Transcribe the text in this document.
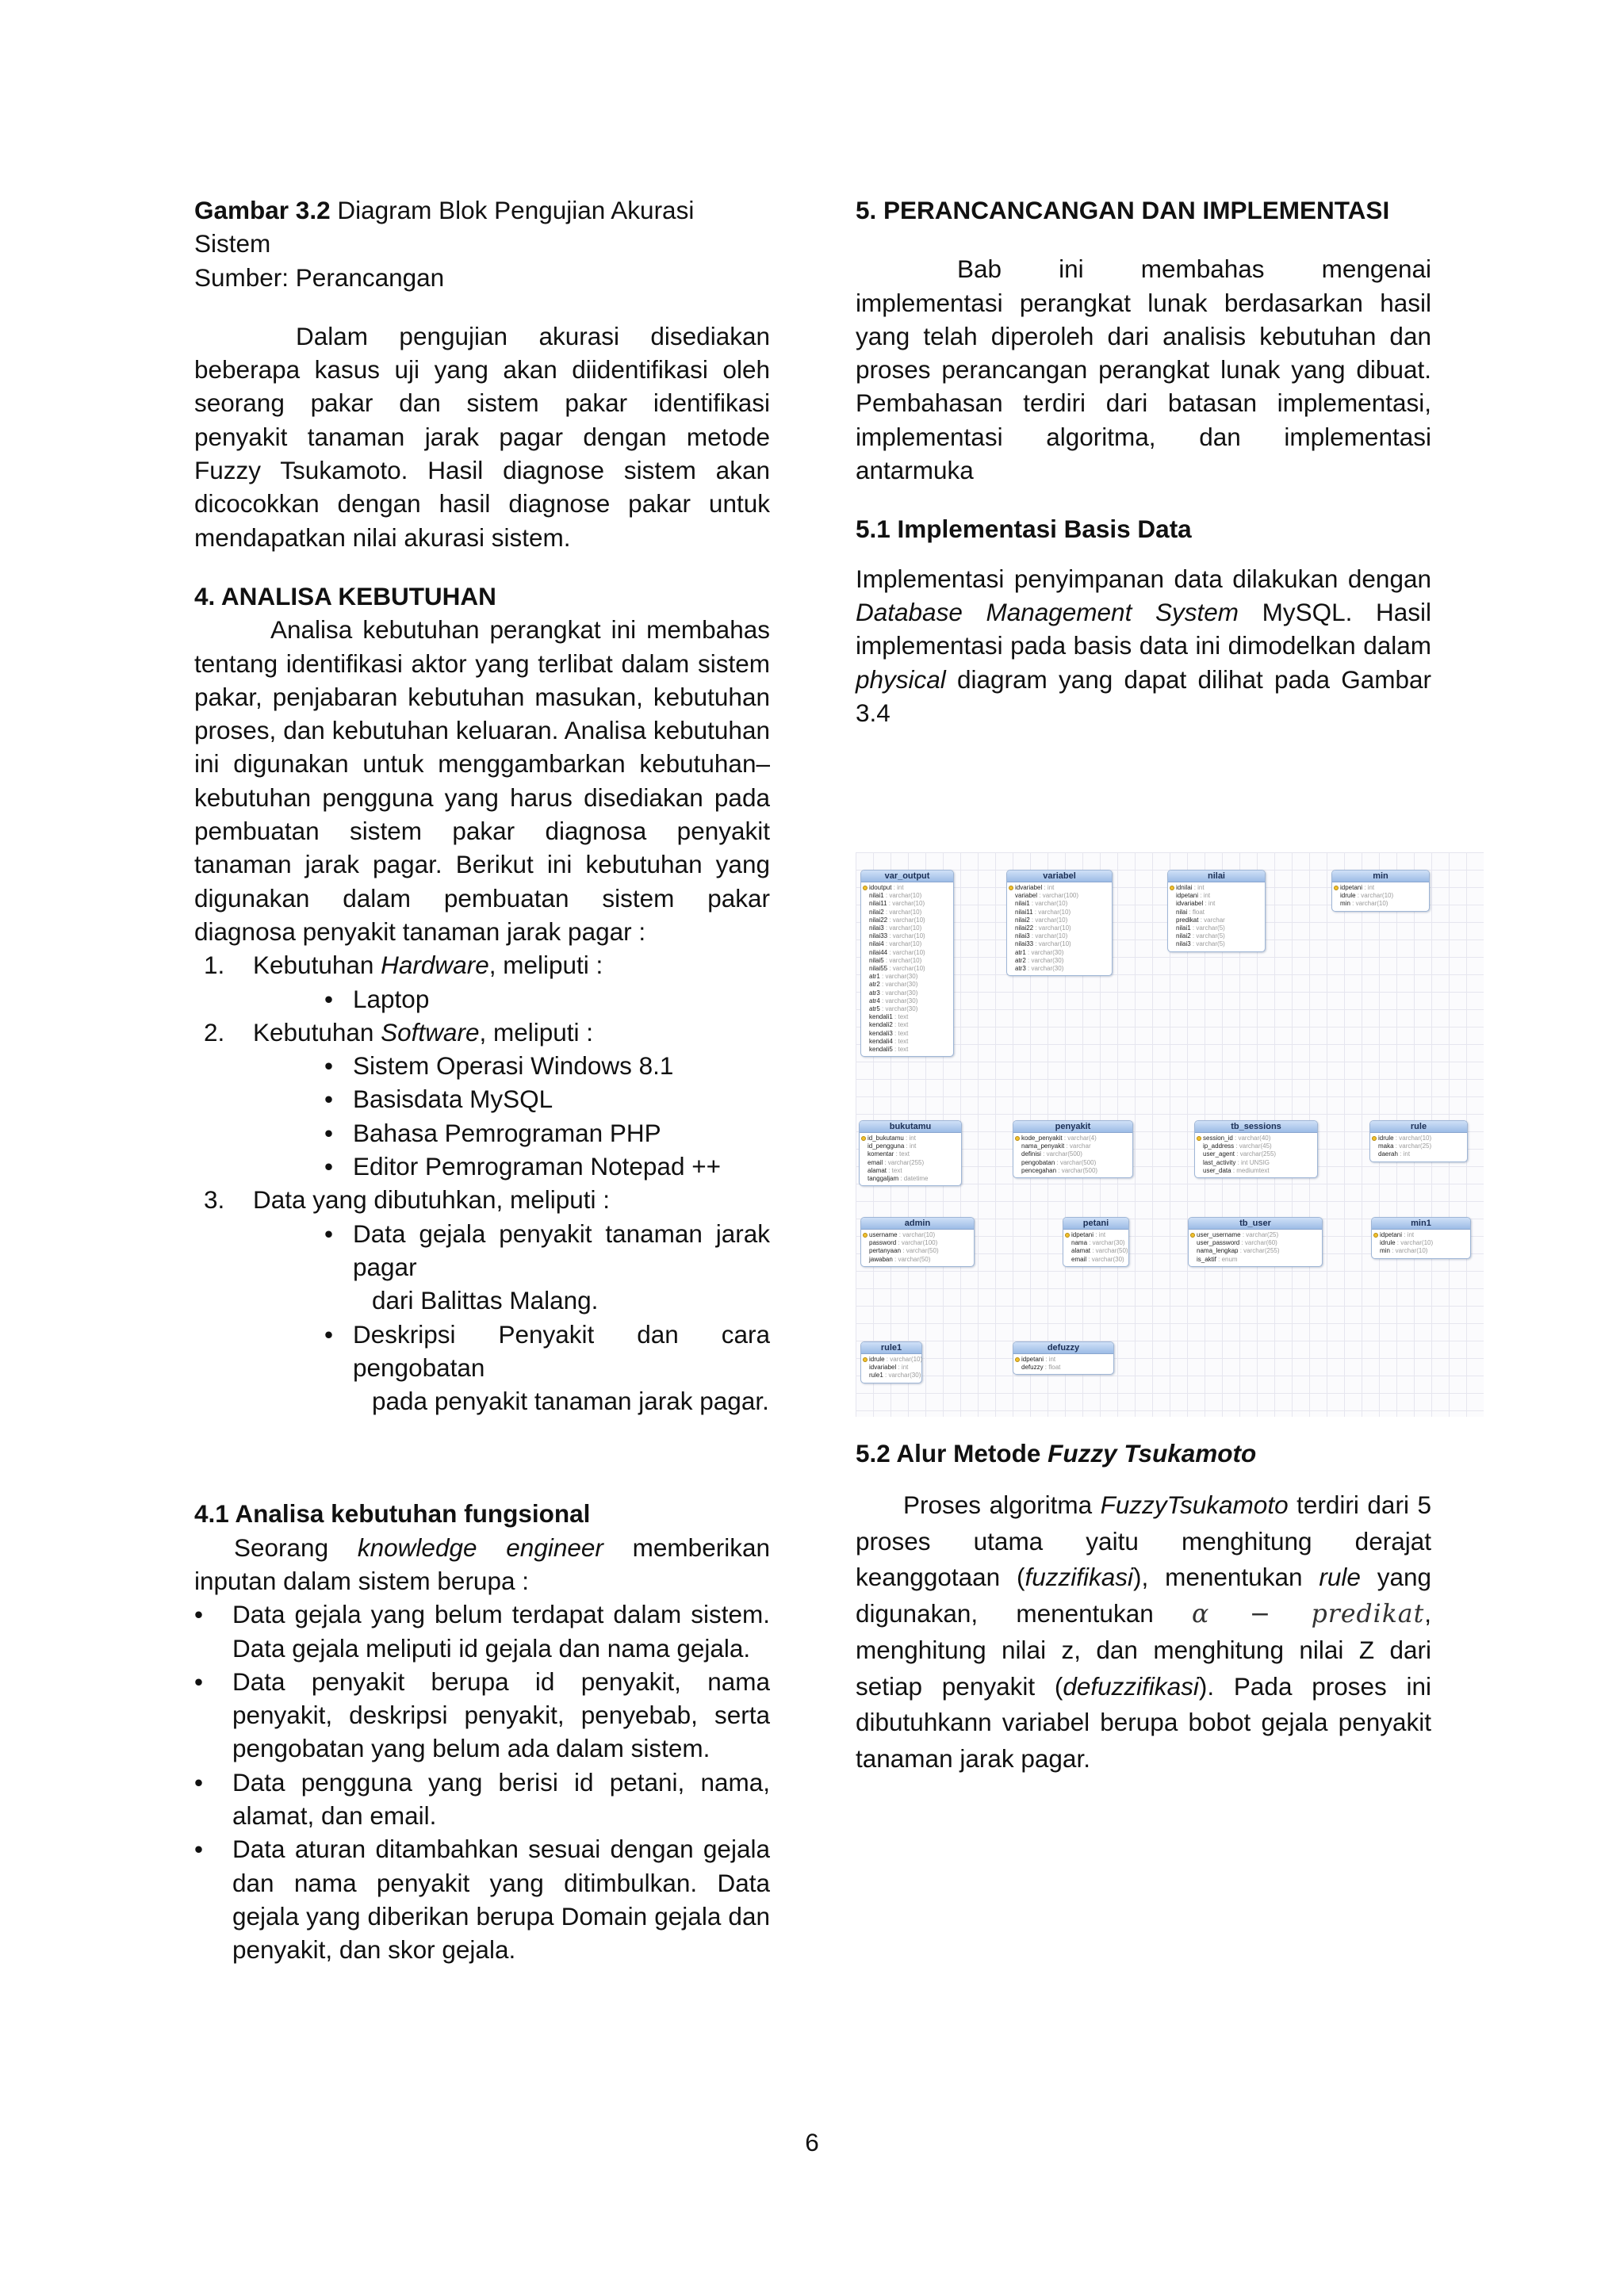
Gambar 3.2 Diagram Blok Pengujian Akurasi Sistem

Sumber: Perancangan

Dalam pengujian akurasi disediakan beberapa kasus uji yang akan diidentifikasi oleh seorang pakar dan sistem pakar identifikasi penyakit tanaman jarak pagar dengan metode Fuzzy Tsukamoto. Hasil diagnose sistem akan dicocokkan dengan hasil diagnose pakar untuk mendapatkan nilai akurasi sistem.

4. ANALISA KEBUTUHAN

Analisa kebutuhan perangkat ini membahas tentang identifikasi aktor yang terlibat dalam sistem pakar, penjabaran kebutuhan masukan, kebutuhan proses, dan kebutuhan keluaran. Analisa kebutuhan ini digunakan untuk menggambarkan kebutuhan–kebutuhan pengguna yang harus disediakan pada pembuatan sistem pakar diagnosa penyakit tanaman jarak pagar. Berikut ini kebutuhan yang digunakan dalam pembuatan sistem pakar diagnosa penyakit tanaman jarak pagar :

1. Kebutuhan Hardware, meliputi :
• Laptop
2. Kebutuhan Software, meliputi :
• Sistem Operasi Windows 8.1
• Basisdata MySQL
• Bahasa Pemrograman PHP
• Editor Pemrograman Notepad ++
3. Data yang dibutuhkan, meliputi :
• Data gejala penyakit tanaman jarak pagar
dari Balittas Malang.
• Deskripsi Penyakit dan cara pengobatan
pada penyakit tanaman jarak pagar.

4.1 Analisa kebutuhan fungsional

Seorang knowledge engineer memberikan inputan dalam sistem berupa :

• Data gejala yang belum terdapat dalam sistem. Data gejala meliputi id gejala dan nama gejala.
• Data penyakit berupa id penyakit, nama penyakit, deskripsi penyakit, penyebab, serta pengobatan yang belum ada dalam sistem.
• Data pengguna yang berisi id petani, nama, alamat, dan email.
• Data aturan ditambahkan sesuai dengan gejala dan nama penyakit yang ditimbulkan. Data gejala yang diberikan berupa Domain gejala dan penyakit, dan skor gejala.

5. PERANCANCANGAN DAN IMPLEMENTASI

Bab ini membahas mengenai implementasi perangkat lunak berdasarkan hasil yang telah diperoleh dari analisis kebutuhan dan proses perancangan perangkat lunak yang dibuat. Pembahasan terdiri dari batasan implementasi, implementasi algoritma, dan implementasi antarmuka

5.1 Implementasi Basis Data

Implementasi penyimpanan data dilakukan dengan Database Management System MySQL. Hasil implementasi pada basis data ini dimodelkan dalam physical diagram yang dapat dilihat pada Gambar 3.4

var_output
idoutput : int
nilai1 : varchar(10)
nilai11 : varchar(10)
nilai2 : varchar(10)
nilai22 : varchar(10)
nilai3 : varchar(10)
nilai33 : varchar(10)
nilai4 : varchar(10)
nilai44 : varchar(10)
nilai5 : varchar(10)
nilai55 : varchar(10)
atr1 : varchar(30)
atr2 : varchar(30)
atr3 : varchar(30)
atr4 : varchar(30)
atr5 : varchar(30)
kendali1 : text
kendali2 : text
kendali3 : text
kendali4 : text
kendali5 : text
variabel
idvariabel : int
variabel : varchar(100)
nilai1 : varchar(10)
nilai11 : varchar(10)
nilai2 : varchar(10)
nilai22 : varchar(10)
nilai3 : varchar(10)
nilai33 : varchar(10)
atr1 : varchar(30)
atr2 : varchar(30)
atr3 : varchar(30)
nilai
idnilai : int
idpetani : int
idvariabel : int
nilai : float
predikat : varchar
nilai1 : varchar(5)
nilai2 : varchar(5)
nilai3 : varchar(5)
min
idpetani : int
idrule : varchar(10)
min : varchar(10)
bukutamu
id_bukutamu : int
id_pengguna : int
komentar : text
email : varchar(255)
alamat : text
tanggaljam : datetime
penyakit
kode_penyakit : varchar(4)
nama_penyakit : varchar
definisi : varchar(500)
pengobatan : varchar(500)
pencegahan : varchar(500)
tb_sessions
session_id : varchar(40)
ip_address : varchar(45)
user_agent : varchar(255)
last_activity : int UNSIG
user_data : mediumtext
rule
idrule : varchar(10)
maka : varchar(25)
daerah : int
admin
username : varchar(10)
password : varchar(100)
pertanyaan : varchar(50)
jawaban : varchar(50)
petani
idpetani : int
nama : varchar(30)
alamat : varchar(50)
email : varchar(30)
tb_user
user_username : varchar(25)
user_password : varchar(60)
nama_lengkap : varchar(255)
is_aktif : enum
min1
idpetani : int
idrule : varchar(10)
min : varchar(10)
rule1
idrule : varchar(10)
idvariabel : int
rule1 : varchar(30)
defuzzy
idpetani : int
defuzzy : float

5.2 Alur Metode Fuzzy Tsukamoto

Proses algoritma FuzzyTsukamoto terdiri dari 5 proses utama yaitu menghitung derajat keanggotaan (fuzzifikasi), menentukan rule yang digunakan, menentukan α − predikat, menghitung nilai z, dan menghitung nilai Z dari setiap penyakit (defuzzifikasi). Pada proses ini dibutuhkann variabel berupa bobot gejala penyakit tanaman jarak pagar.

6
